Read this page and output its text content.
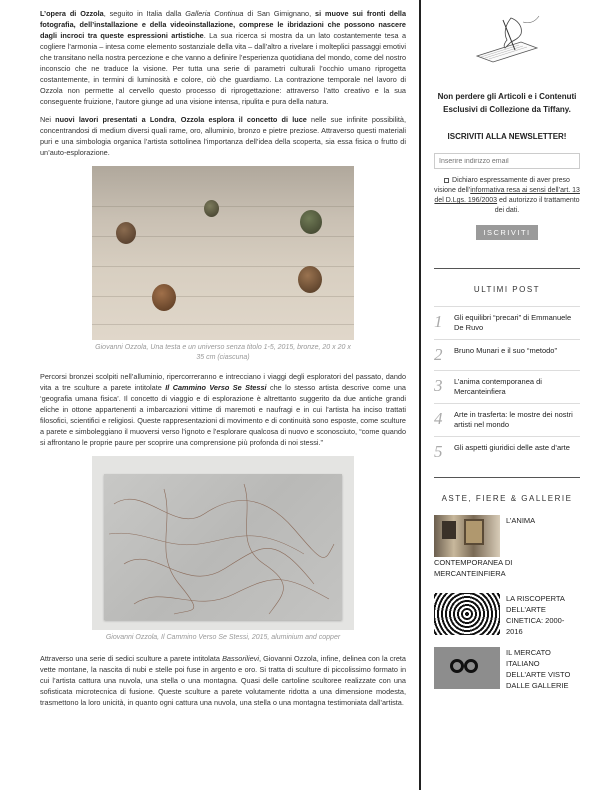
L’opera di Ozzola, seguito in Italia dalla Galleria Continua di San Gimignano, si muove sui fronti della fotografia, dell’installazione e della videoinstallazione, comprese le ibridazioni che possono nascere dagli incroci tra queste espressioni artistiche. La sua ricerca si mostra da un lato costantemente tesa a cogliere l’armonia – intesa come elemento sostanziale della vita – dall’altro a rivelare i molteplici passaggi emotivi che transitano nella nostra percezione e che vanno a definire l’esperienza quotidiana del mondo, come del nostro inconscio che ne traduce la visione. Per tutta una serie di parametri culturali l’occhio umano riprogetta costantemente, in termini di luminosità e colore, ciò che guardiamo. La contrazione temporale nel lavoro di Ozzola non permette al cervello questo processo di riprogettazione: attraverso l’atto creativo e la sua conseguente fruizione, l’autore giunge ad una visione intensa, ripulita e pura della natura.

Nei nuovi lavori presentati a Londra, Ozzola esplora il concetto di luce nelle sue infinite possibilità, concentrandosi di medium diversi quali rame, oro, alluminio, bronzo e pietre preziose. Attraverso questi materiali puri e una simbologia organica l’artista sottolinea l’importanza dell’idea della scoperta, sia essa fisica o frutto di un’auto-esplorazione.

Giovanni Ozzola, Una testa e un universo senza titolo 1-5, 2015, bronze, 20 x 20 x 35 cm (ciascuna)

Percorsi bronzei scolpiti nell’alluminio, ripercorreranno e intrecciano i viaggi degli esploratori del passato, dando vita a tre sculture a parete intitolate Il Cammino Verso Se Stessi che lo stesso artista descrive come una ‘geografia umana fisica’. Il concetto di viaggio e di esplorazione è altrettanto suggerito da due antiche grandi eliche in ottone appartenenti a imbarcazioni vittime di maremoti e naufragi e in cui l’artista ha inciso trattati filosofici, scientifici e religiosi. Queste rappresentazioni di movimento e di continuità sono esposte, come sculture a parete e simboleggiano il muoversi verso l’ignoto e l’esplorare qualcosa di nuovo e sconosciuto, “come quando si affrontano le proprie paure per scoprire una comprensione più profonda di noi stessi.”

Giovanni Ozzola, Il Cammino Verso Se Stessi, 2015, aluminium and copper

Attraverso una serie di sedici sculture a parete intitolata Bassorilievi, Giovanni Ozzola, infine, delinea con la creta vette montane, la nascita di nubi e stelle poi fuse in argento e oro. Si tratta di sculture di piccolissimo formato in cui l’artista cattura una nuvola, una stella o una montagna. Quasi delle cartoline scultoree realizzate con una sofisticata microtecnica di fusione. Queste sculture a parete volutamente ridotta a una dimensione modesta, trasmettono la loro unicità, in quanto ogni cattura una nuvola, una stella o una montagna testimoniata dall’artista.

Non perdere gli Articoli e i Contenuti Esclusivi di Collezione da Tiffany.
ISCRIVITI ALLA NEWSLETTER!
Inserire indirizzo email
Dichiaro espressamente di aver preso visione dell’informativa resa ai sensi dell’art. 13 del D.Lgs. 196/2003 ed autorizzo il trattamento dei dati.
ISCRIVITI
ULTIMI POST
1	Gli equilibri “precari” di Emmanuele De Ruvo
2	Bruno Munari e il suo “metodo”
3	L’anima contemporanea di Mercanteinfiera
4	Arte in trasferta: le mostre dei nostri artisti nel mondo
5	Gli aspetti giuridici delle aste d’arte
ASTE, FIERE & GALLERIE
L’ANIMA
CONTEMPORANEA DI MERCANTEINFIERA
LA RISCOPERTA DELL’ARTE CINETICA: 2000-2016
IL MERCATO ITALIANO DELL’ARTE VISTO DALLE GALLERIE
